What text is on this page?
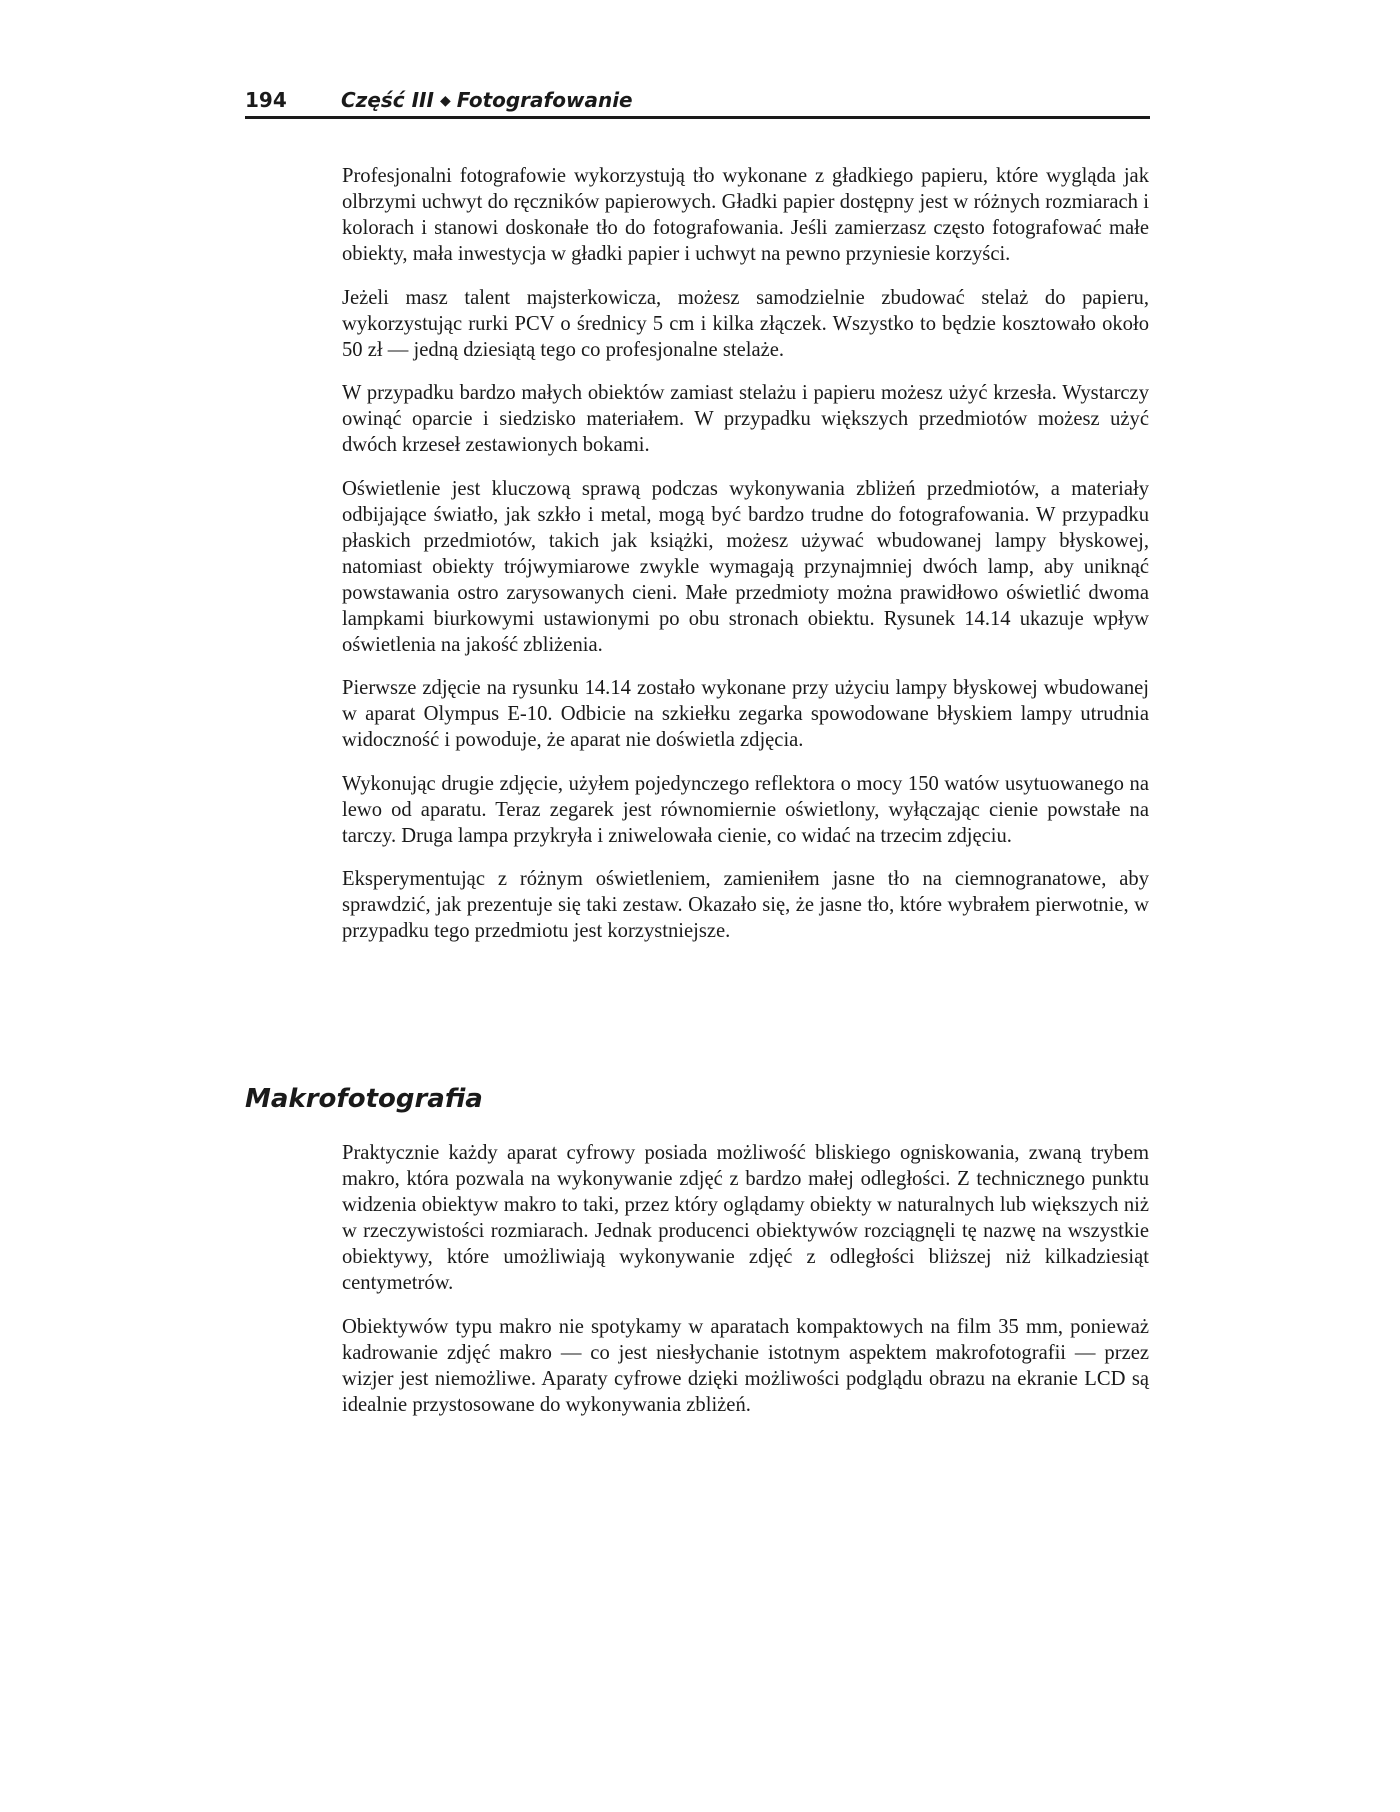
194	Część III ◆ Fotografowanie

Profesjonalni fotografowie wykorzystują tło wykonane z gładkiego papieru, które wygląda jak olbrzymi uchwyt do ręczników papierowych. Gładki papier dostępny jest w różnych rozmiarach i kolorach i stanowi doskonałe tło do fotografowania. Jeśli zamierzasz często fotografować małe obiekty, mała inwestycja w gładki papier i uchwyt na pewno przyniesie korzyści.

Jeżeli masz talent majsterkowicza, możesz samodzielnie zbudować stelaż do papieru, wykorzystując rurki PCV o średnicy 5 cm i kilka złączek. Wszystko to będzie kosztowało około 50 zł — jedną dziesiątą tego co profesjonalne stelaże.

W przypadku bardzo małych obiektów zamiast stelażu i papieru możesz użyć krzesła. Wystarczy owinąć oparcie i siedzisko materiałem. W przypadku większych przedmiotów możesz użyć dwóch krzeseł zestawionych bokami.

Oświetlenie jest kluczową sprawą podczas wykonywania zbliżeń przedmiotów, a materiały odbijające światło, jak szkło i metal, mogą być bardzo trudne do fotografowania. W przypadku płaskich przedmiotów, takich jak książki, możesz używać wbudowanej lampy błyskowej, natomiast obiekty trójwymiarowe zwykle wymagają przynajmniej dwóch lamp, aby uniknąć powstawania ostro zarysowanych cieni. Małe przedmioty można prawidłowo oświetlić dwoma lampkami biurkowymi ustawionymi po obu stronach obiektu. Rysunek 14.14 ukazuje wpływ oświetlenia na jakość zbliżenia.

Pierwsze zdjęcie na rysunku 14.14 zostało wykonane przy użyciu lampy błyskowej wbudowanej w aparat Olympus E-10. Odbicie na szkiełku zegarka spowodowane błyskiem lampy utrudnia widoczność i powoduje, że aparat nie doświetla zdjęcia.

Wykonując drugie zdjęcie, użyłem pojedynczego reflektora o mocy 150 watów usytuowanego na lewo od aparatu. Teraz zegarek jest równomiernie oświetlony, wyłączając cienie powstałe na tarczy. Druga lampa przykryła i zniwelowała cienie, co widać na trzecim zdjęciu.

Eksperymentując z różnym oświetleniem, zamieniłem jasne tło na ciemnogranatowe, aby sprawdzić, jak prezentuje się taki zestaw. Okazało się, że jasne tło, które wybrałem pierwotnie, w przypadku tego przedmiotu jest korzystniejsze.

Makrofotografia

Praktycznie każdy aparat cyfrowy posiada możliwość bliskiego ogniskowania, zwaną trybem makro, która pozwala na wykonywanie zdjęć z bardzo małej odległości. Z technicznego punktu widzenia obiektyw makro to taki, przez który oglądamy obiekty w naturalnych lub większych niż w rzeczywistości rozmiarach. Jednak producenci obiektywów rozciągnęli tę nazwę na wszystkie obiektywy, które umożliwiają wykonywanie zdjęć z odległości bliższej niż kilkadziesiąt centymetrów.

Obiektywów typu makro nie spotykamy w aparatach kompaktowych na film 35 mm, ponieważ kadrowanie zdjęć makro — co jest niesłychanie istotnym aspektem makrofotografii — przez wizjer jest niemożliwe. Aparaty cyfrowe dzięki możliwości podglądu obrazu na ekranie LCD są idealnie przystosowane do wykonywania zbliżeń.
